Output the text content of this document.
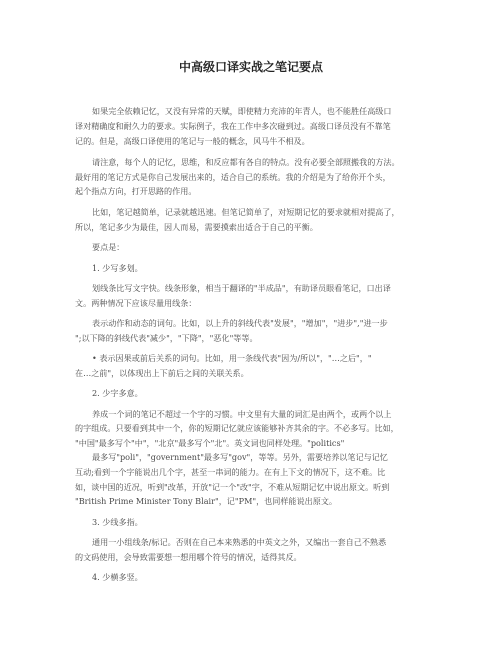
中高级口译实战之笔记要点
如果完全依赖记忆，又没有异常的天赋，即使精力充沛的年青人，也不能胜任高级口
译对精确度和耐久力的要求。实际例子，我在工作中多次碰到过。高级口译员没有不靠笔
记的。但是，高级口译使用的笔记与一般的概念，风马牛不相及。
请注意，每个人的记忆，思维，和反应都有各自的特点。没有必要全部照搬我的方法。
最好用的笔记方式是你自己发展出来的，适合自己的系统。我的介绍是为了给你开个头，
起个指点方向，打开思路的作用。
比如，笔记越简单，记录就越迅速。但笔记简单了，对短期记忆的要求就相对提高了，
所以，笔记多少为最佳，因人而易，需要摸索出适合于自己的平衡。
要点是：
1. 少写多划。
划线条比写文字快。线条形象，相当于翻译的"半成品"，有助译员眼看笔记，口出译
文。两种情况下应该尽量用线条：
表示动作和动态的词句。比如，以上升的斜线代表"发展"，"增加"，"进步","进一步
";以下降的斜线代表"减少"，"下降"，"恶化"等等。
• 表示因果或前后关系的词句。比如，用一条线代表"因为/所以"，"…之后"，"
在…之前"，以体现出上下前后之间的关联关系。
2. 少字多意。
养成一个词的笔记不超过一个字的习惯。中文里有大量的词汇是由两个，或两个以上
的字组成。只要看到其中一个，你的短期记忆就应该能够补齐其余的字。不必多写。比如，
"中国"最多写个"中"，"北京"最多写个"北"。英文词也同样处理。"politics"
最多写"poli"，"government"最多写"gov"，等等。另外，需要培养以笔记与记忆
互动;看到一个字能说出几个字，甚至一串词的能力。在有上下文的情况下，这不难。比
如，谈中国的近况，听到"改革，开放"记一个"改"字，不难从短期记忆中说出原文。听到
"British Prime Minister Tony Blair"，记"PM"，也同样能说出原文。
3. 少线多指。
通用一小组线条/标记。否则在自己本来熟悉的中英文之外，又编出一套自己不熟悉
的文码使用，会导致需要想一想用哪个符号的情况，适得其反。
4. 少横多竖。
